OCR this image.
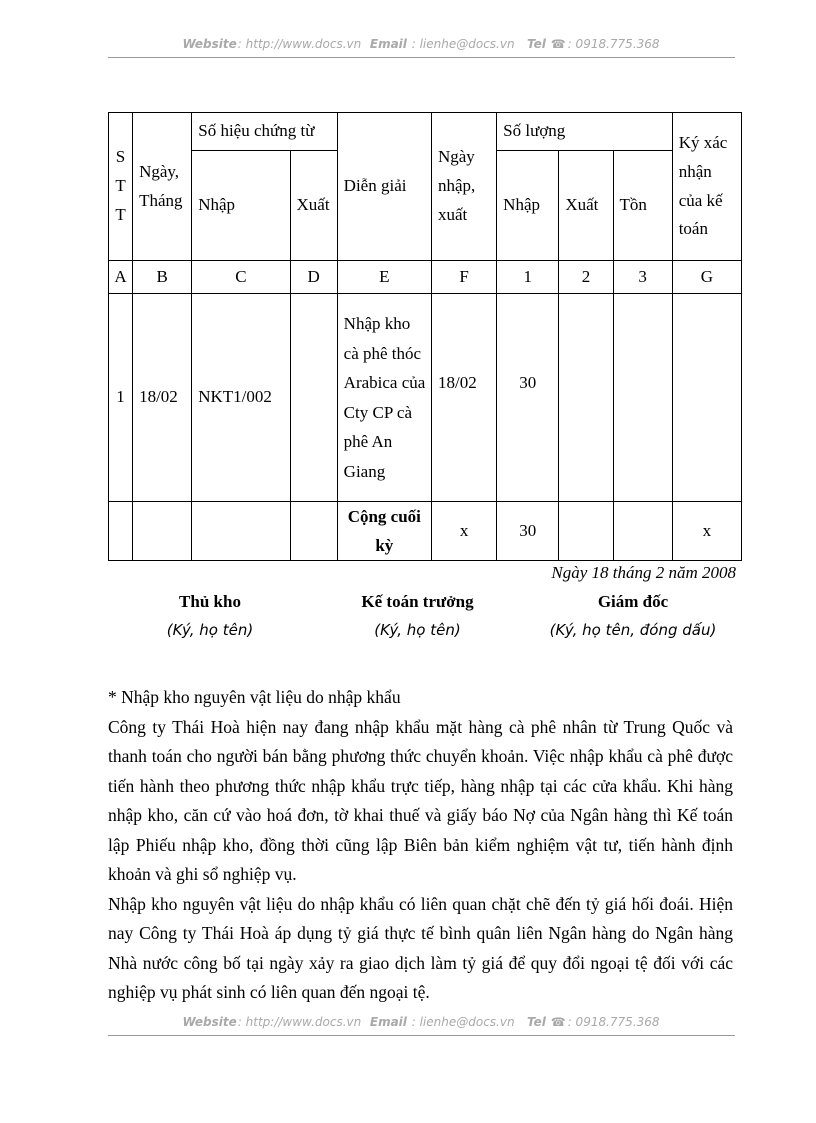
Website: http://www.docs.vn Email : lienhe@docs.vn Tel ☎ : 0918.775.368
S T T	Ngày, Tháng	Số hiệu chứng từ		Diễn giải	Ngày nhập, xuất	Số lượng			Ký xác nhận của kế toán
		Nhập	Xuất			Nhập	Xuất	Tồn	
A	B	C	D	E	F	1	2	3	G
1	18/02	NKT1/002		Nhập kho cà phê thóc Arabica của Cty CP cà phê An Giang	18/02	30			
				Cộng cuối kỳ	x	30			x
Ngày 18 tháng 2 năm 2008
Thủ kho
(Ký, họ tên)
Kế toán trưởng
(Ký, họ tên)
Giám đốc
(Ký, họ tên, đóng dấu)

* Nhập kho nguyên vật liệu do nhập khẩu

Công ty Thái Hoà hiện nay đang nhập khẩu mặt hàng cà phê nhân từ Trung Quốc và thanh toán cho người bán bằng phương thức chuyển khoản. Việc nhập khẩu cà phê được tiến hành theo phương thức nhập khẩu trực tiếp, hàng nhập tại các cửa khẩu. Khi hàng nhập kho, căn cứ vào hoá đơn, tờ khai thuế và giấy báo Nợ của Ngân hàng thì Kế toán lập Phiếu nhập kho, đồng thời cũng lập Biên bản kiểm nghiệm vật tư, tiến hành định khoản và ghi sổ nghiệp vụ.

Nhập kho nguyên vật liệu do nhập khẩu có liên quan chặt chẽ đến tỷ giá hối đoái. Hiện nay Công ty Thái Hoà áp dụng tỷ giá thực tế bình quân liên Ngân hàng do Ngân hàng Nhà nước công bố tại ngày xảy ra giao dịch làm tỷ giá để quy đổi ngoại tệ đối với các nghiệp vụ phát sinh có liên quan đến ngoại tệ.

Website: http://www.docs.vn Email : lienhe@docs.vn Tel ☎ : 0918.775.368
